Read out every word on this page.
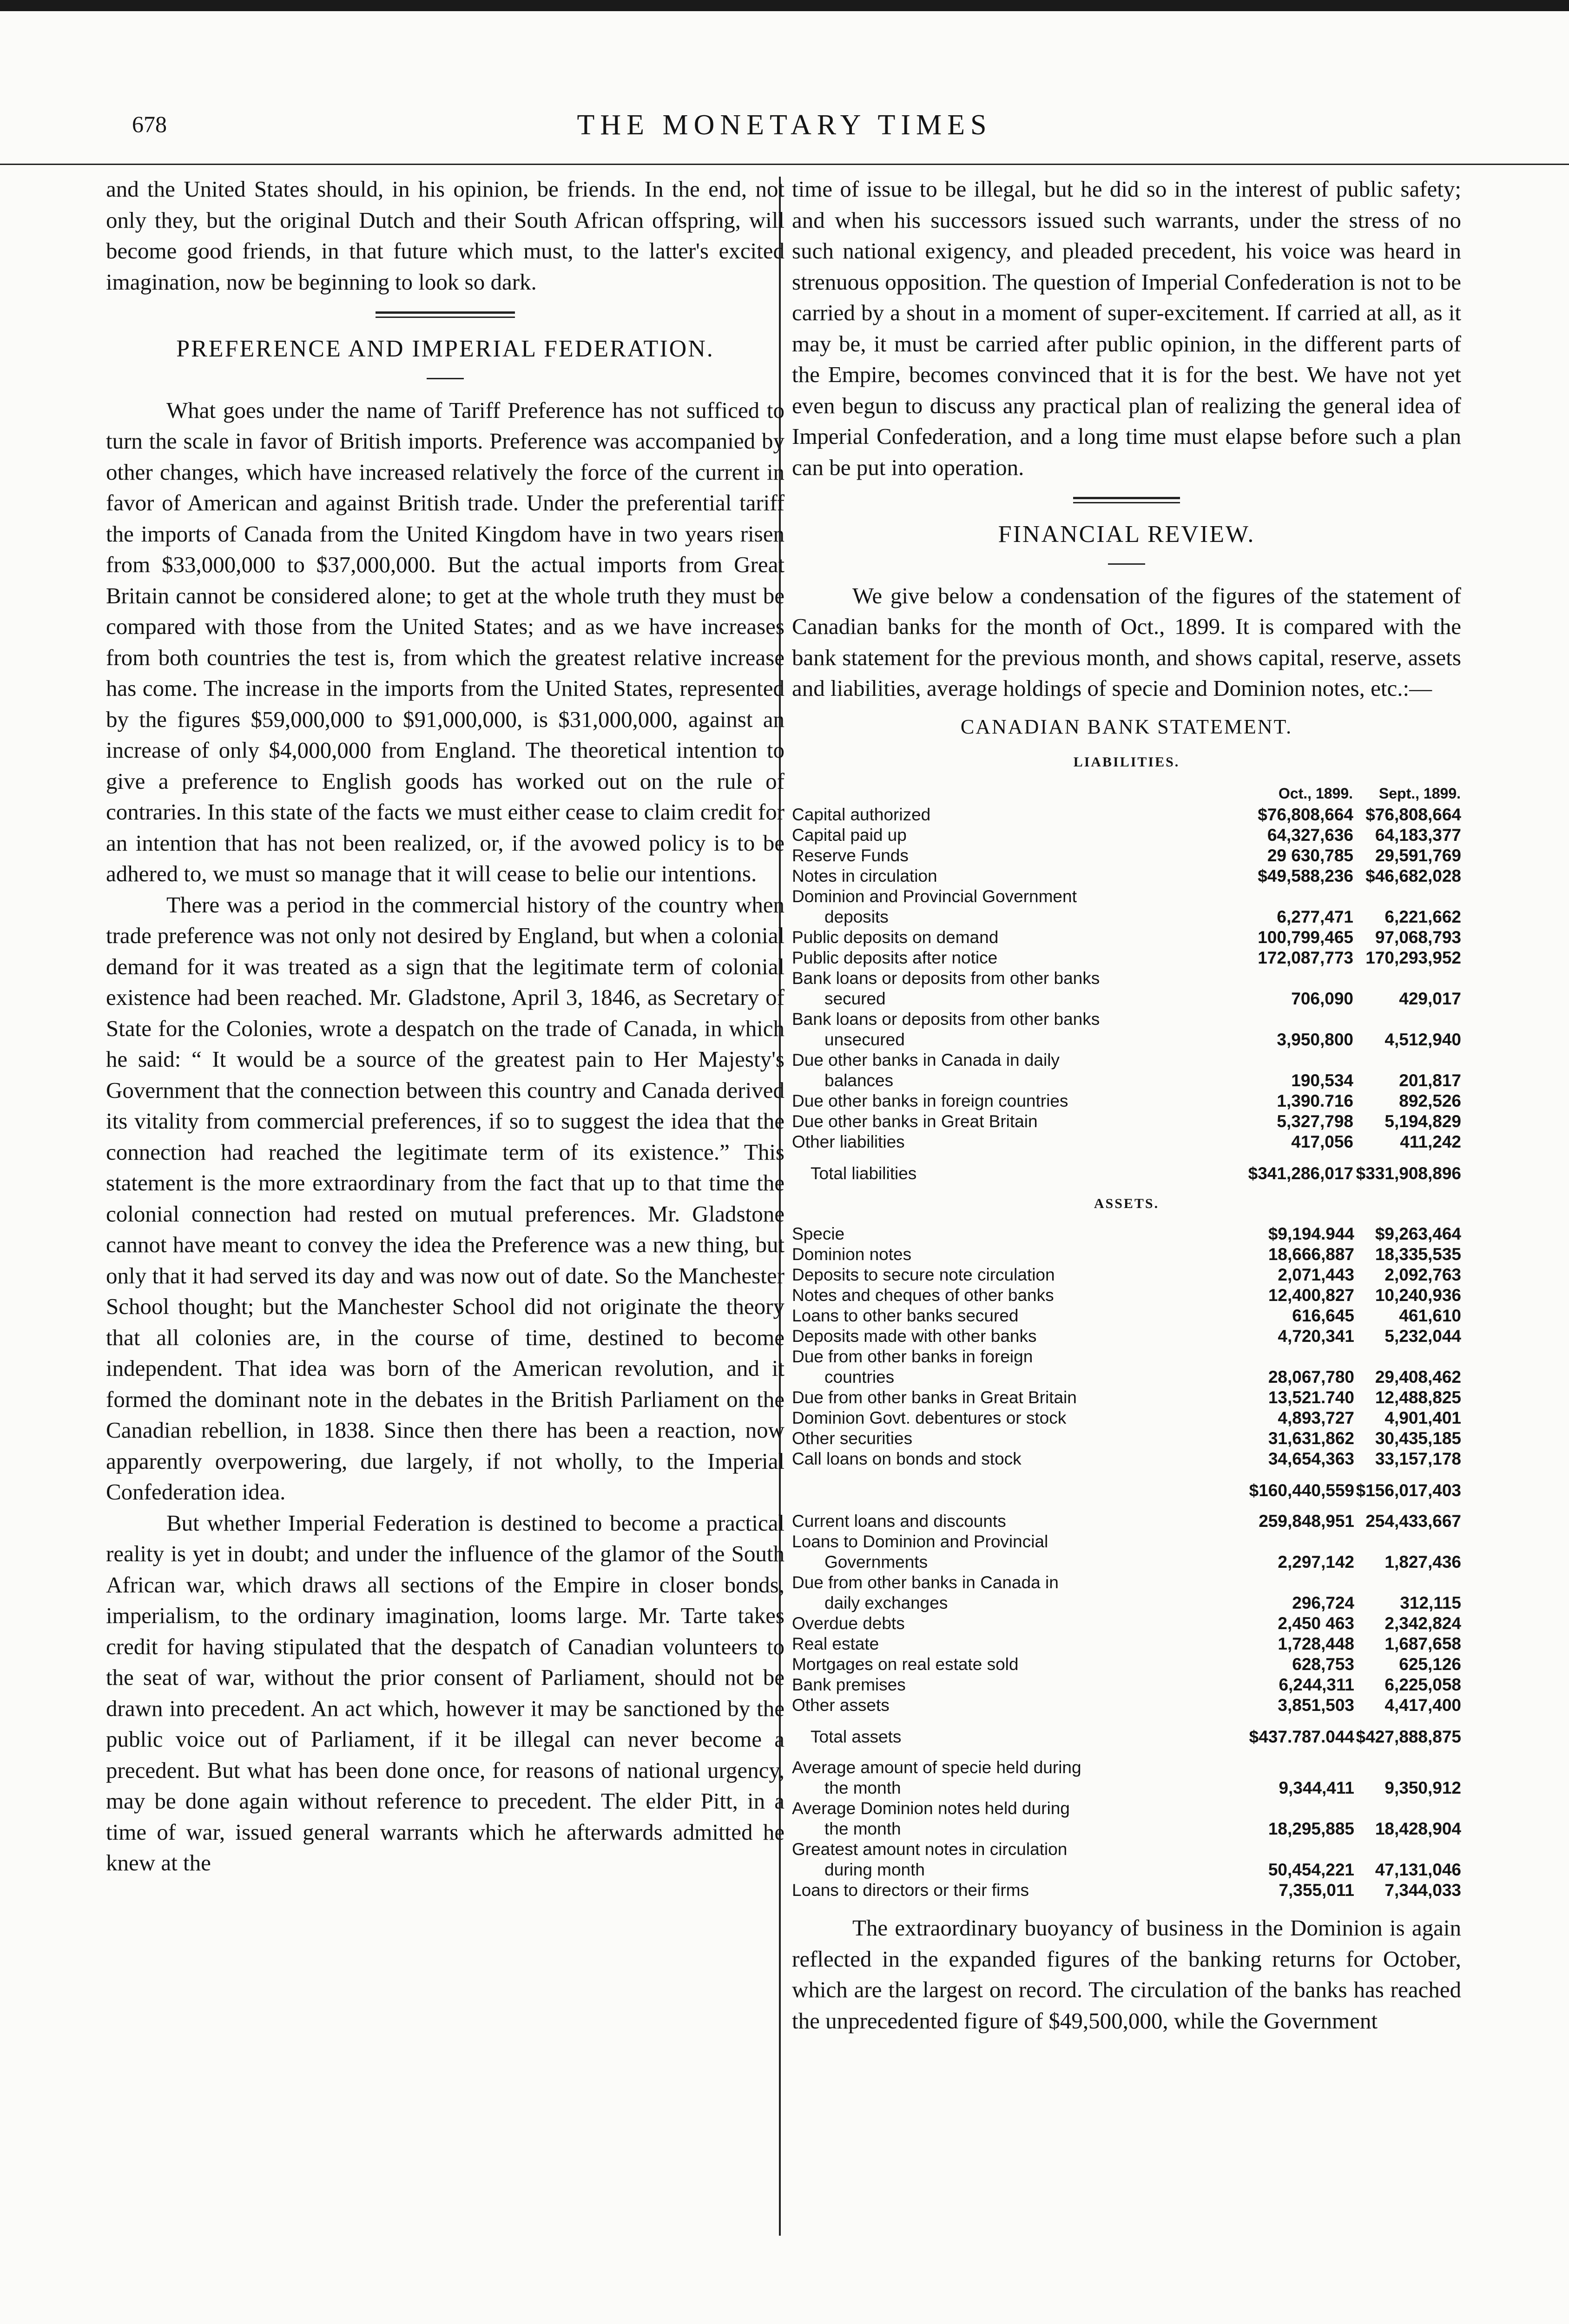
678	THE MONETARY TIMES

and the United States should, in his opinion, be friends. In the end, not only they, but the original Dutch and their South African offspring, will become good friends, in that future which must, to the latter's excited imagination, now be beginning to look so dark.

PREFERENCE AND IMPERIAL FEDERATION.

What goes under the name of Tariff Preference has not sufficed to turn the scale in favor of British imports. Preference was accompanied by other changes, which have increased relatively the force of the current in favor of American and against British trade. Under the preferential tariff the imports of Canada from the United Kingdom have in two years risen from $33,000,000 to $37,000,000. But the actual imports from Great Britain cannot be considered alone; to get at the whole truth they must be compared with those from the United States; and as we have increases from both countries the test is, from which the greatest relative increase has come. The increase in the imports from the United States, represented by the figures $59,000,000 to $91,000,000, is $31,000,000, against an increase of only $4,000,000 from England. The theoretical intention to give a preference to English goods has worked out on the rule of contraries. In this state of the facts we must either cease to claim credit for an intention that has not been realized, or, if the avowed policy is to be adhered to, we must so manage that it will cease to belie our intentions.

There was a period in the commercial history of the country when trade preference was not only not desired by England, but when a colonial demand for it was treated as a sign that the legitimate term of colonial existence had been reached. Mr. Gladstone, April 3, 1846, as Secretary of State for the Colonies, wrote a despatch on the trade of Canada, in which he said: “ It would be a source of the greatest pain to Her Majesty's Government that the connection between this country and Canada derived its vitality from commercial preferences, if so to suggest the idea that the connection had reached the legitimate term of its existence.” This statement is the more extraordinary from the fact that up to that time the colonial connection had rested on mutual preferences. Mr. Gladstone cannot have meant to convey the idea the Preference was a new thing, but only that it had served its day and was now out of date. So the Manchester School thought; but the Manchester School did not originate the theory that all colonies are, in the course of time, destined to become independent. That idea was born of the American revolution, and it formed the dominant note in the debates in the British Parliament on the Canadian rebellion, in 1838. Since then there has been a reaction, now apparently overpowering, due largely, if not wholly, to the Imperial Confederation idea.

But whether Imperial Federation is destined to become a practical reality is yet in doubt; and under the influence of the glamor of the South African war, which draws all sections of the Empire in closer bonds, imperialism, to the ordinary imagination, looms large. Mr. Tarte takes credit for having stipulated that the despatch of Canadian volunteers to the seat of war, without the prior consent of Parliament, should not be drawn into precedent. An act which, however it may be sanctioned by the public voice out of Parliament, if it be illegal can never become a precedent. But what has been done once, for reasons of national urgency, may be done again without reference to precedent. The elder Pitt, in a time of war, issued general warrants which he afterwards admitted he knew at the

time of issue to be illegal, but he did so in the interest of public safety; and when his successors issued such warrants, under the stress of no such national exigency, and pleaded precedent, his voice was heard in strenuous opposition. The question of Imperial Confederation is not to be carried by a shout in a moment of super-excitement. If carried at all, as it may be, it must be carried after public opinion, in the different parts of the Empire, becomes convinced that it is for the best. We have not yet even begun to discuss any practical plan of realizing the general idea of Imperial Confederation, and a long time must elapse before such a plan can be put into operation.

FINANCIAL REVIEW.

We give below a condensation of the figures of the statement of Canadian banks for the month of Oct., 1899. It is compared with the bank statement for the previous month, and shows capital, reserve, assets and liabilities, average holdings of specie and Dominion notes, etc.:—

CANADIAN BANK STATEMENT.
LIABILITIES.
	Oct., 1899.	Sept., 1899.
Capital authorized	$76,808,664	$76,808,664
Capital paid up	64,327,636	64,183,377
Reserve Funds	29 630,785	29,591,769
Notes in circulation	$49,588,236	$46,682,028
Dominion and Provincial Government		
deposits	6,277,471	6,221,662
Public deposits on demand	100,799,465	97,068,793
Public deposits after notice	172,087,773	170,293,952
Bank loans or deposits from other banks		
secured	706,090	429,017
Bank loans or deposits from other banks		
unsecured	3,950,800	4,512,940
Due other banks in Canada in daily		
balances	190,534	201,817
Due other banks in foreign countries	1,390.716	892,526
Due other banks in Great Britain	5,327,798	5,194,829
Other liabilities	417,056	411,242
Total liabilities	$341,286,017	$331,908,896
ASSETS.
Specie	$9,194.944	$9,263,464
Dominion notes	18,666,887	18,335,535
Deposits to secure note circulation	2,071,443	2,092,763
Notes and cheques of other banks	12,400,827	10,240,936
Loans to other banks secured	616,645	461,610
Deposits made with other banks	4,720,341	5,232,044
Due from other banks in foreign		
countries	28,067,780	29,408,462
Due from other banks in Great Britain	13,521.740	12,488,825
Dominion Govt. debentures or stock	4,893,727	4,901,401
Other securities	31,631,862	30,435,185
Call loans on bonds and stock	34,654,363	33,157,178
	$160,440,559	$156,017,403

Current loans and discounts	259,848,951	254,433,667
Loans to Dominion and Provincial		
Governments	2,297,142	1,827,436
Due from other banks in Canada in		
daily exchanges	296,724	312,115
Overdue debts	2,450 463	2,342,824
Real estate	1,728,448	1,687,658
Mortgages on real estate sold	628,753	625,126
Bank premises	6,244,311	6,225,058
Other assets	3,851,503	4,417,400
Total assets	$437.787.044	$427,888,875

Average amount of specie held during		
the month	9,344,411	9,350,912
Average Dominion notes held during		
the month	18,295,885	18,428,904
Greatest amount notes in circulation		
during month	50,454,221	47,131,046
Loans to directors or their firms	7,355,011	7,344,033

The extraordinary buoyancy of business in the Dominion is again reflected in the expanded figures of the banking returns for October, which are the largest on record. The circulation of the banks has reached the unprecedented figure of $49,500,000, while the Government
